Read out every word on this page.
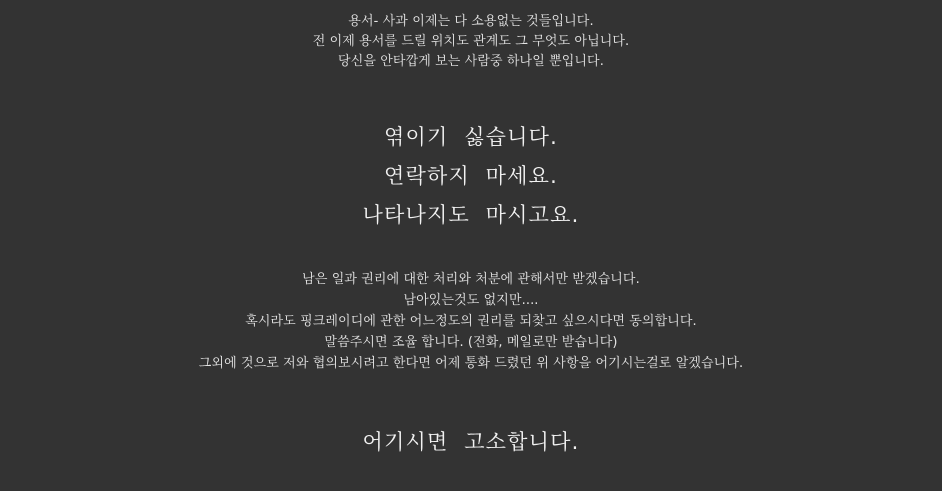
용서- 사과 이제는 다 소용없는 것들입니다.
전 이제 용서를 드릴 위치도 관계도 그 무엇도 아닙니다.
당신을 안타깝게 보는 사람중 하나일 뿐입니다.
엮이기  싫습니다.
연락하지  마세요.
나타나지도  마시고요.
남은 일과 권리에 대한 처리와 처분에 관해서만 받겠습니다.
남아있는것도 없지만....
혹시라도 핑크레이디에 관한 어느정도의 권리를 되찾고 싶으시다면 동의합니다.
말씀주시면 조율 합니다. (전화, 메일로만 받습니다)
그외에 것으로 저와 협의보시려고 한다면 어제 통화 드렸던 위 사항을 어기시는걸로 알겠습니다.
어기시면  고소합니다.
